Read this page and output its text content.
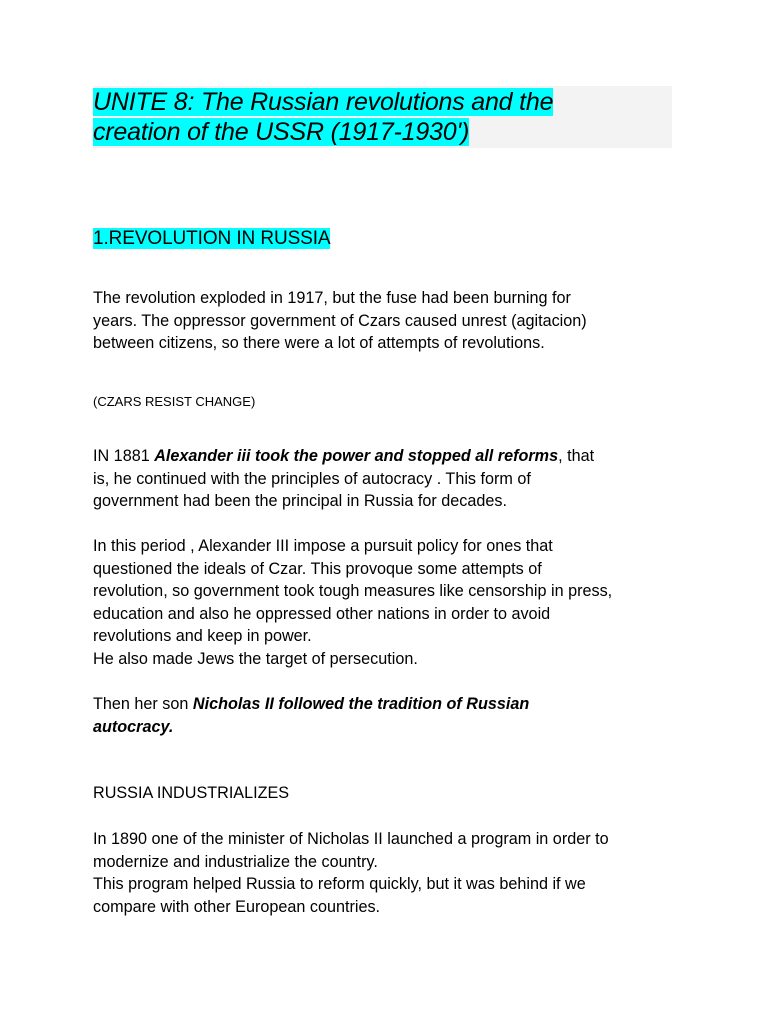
UNITE 8: The Russian revolutions and the
creation of the USSR (1917-1930')
1.REVOLUTION IN RUSSIA
The revolution exploded in 1917, but the fuse had been burning for
years. The oppressor government of Czars caused unrest (agitacion)
between citizens, so there were a lot of attempts of revolutions.
(CZARS RESIST CHANGE)
IN 1881 Alexander iii took the power and stopped all reforms, that
is, he continued with the principles of autocracy . This form of
government had been the principal in Russia for decades.
In this period , Alexander III impose a pursuit policy for ones that
questioned the ideals of Czar. This provoque some attempts of
revolution, so government took tough measures like censorship in press,
education and also he oppressed other nations in order to avoid
revolutions and keep in power.
He also made Jews the target of persecution.
Then her son Nicholas II followed the tradition of Russian
autocracy.
RUSSIA INDUSTRIALIZES
In 1890 one of the minister of Nicholas II launched a program in order to
modernize and industrialize the country.
This program helped Russia to reform quickly, but it was behind if we
compare with other European countries.
